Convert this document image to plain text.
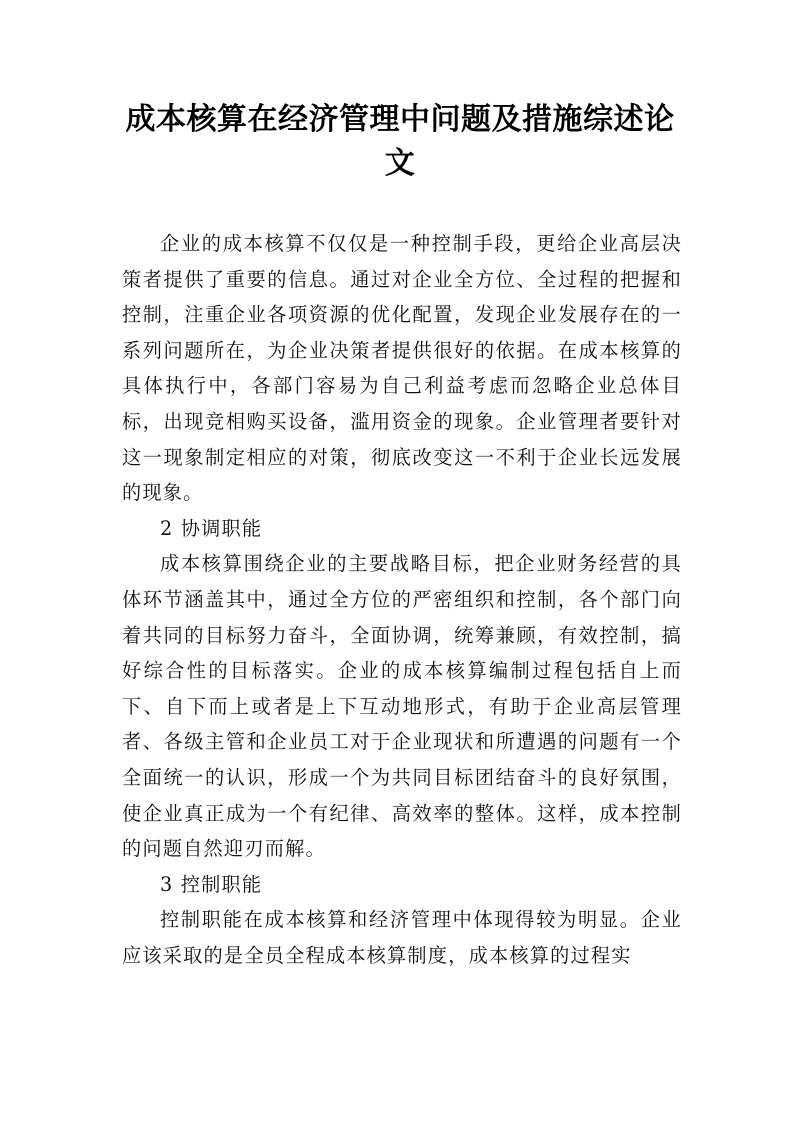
成本核算在经济管理中问题及措施综述论文

企业的成本核算不仅仅是一种控制手段，更给企业高层决策者提供了重要的信息。通过对企业全方位、全过程的把握和控制，注重企业各项资源的优化配置，发现企业发展存在的一系列问题所在，为企业决策者提供很好的依据。在成本核算的具体执行中，各部门容易为自己利益考虑而忽略企业总体目标，出现竞相购买设备，滥用资金的现象。企业管理者要针对这一现象制定相应的对策，彻底改变这一不利于企业长远发展的现象。

2 协调职能

成本核算围绕企业的主要战略目标，把企业财务经营的具体环节涵盖其中，通过全方位的严密组织和控制，各个部门向着共同的目标努力奋斗，全面协调，统筹兼顾，有效控制，搞好综合性的目标落实。企业的成本核算编制过程包括自上而下、自下而上或者是上下互动地形式，有助于企业高层管理者、各级主管和企业员工对于企业现状和所遭遇的问题有一个全面统一的认识，形成一个为共同目标团结奋斗的良好氛围，使企业真正成为一个有纪律、高效率的整体。这样，成本控制的问题自然迎刃而解。

3 控制职能

控制职能在成本核算和经济管理中体现得较为明显。企业应该采取的是全员全程成本核算制度，成本核算的过程实
